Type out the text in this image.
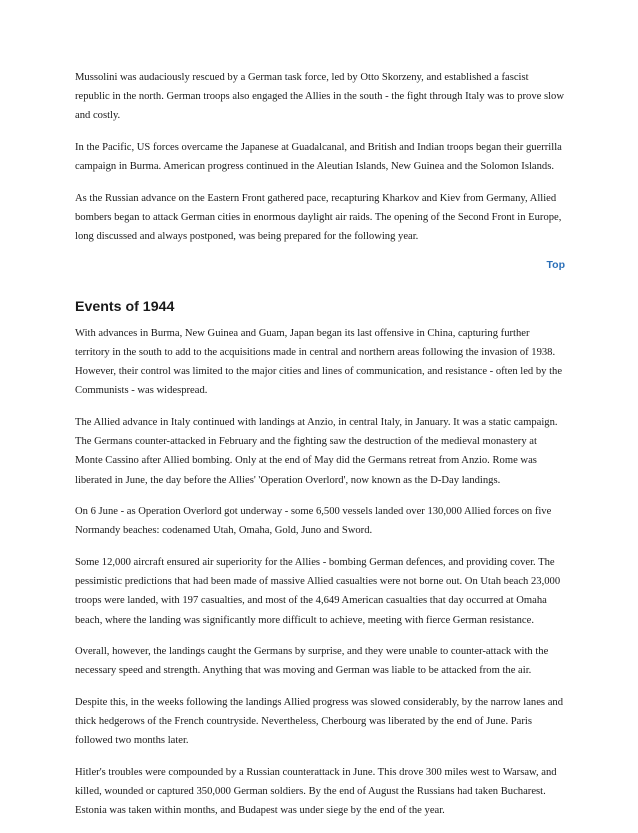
Mussolini was audaciously rescued by a German task force, led by Otto Skorzeny, and established a fascist republic in the north. German troops also engaged the Allies in the south - the fight through Italy was to prove slow and costly.

In the Pacific, US forces overcame the Japanese at Guadalcanal, and British and Indian troops began their guerrilla campaign in Burma. American progress continued in the Aleutian Islands, New Guinea and the Solomon Islands.

As the Russian advance on the Eastern Front gathered pace, recapturing Kharkov and Kiev from Germany, Allied bombers began to attack German cities in enormous daylight air raids. The opening of the Second Front in Europe, long discussed and always postponed, was being prepared for the following year.

Top
Events of 1944

With advances in Burma, New Guinea and Guam, Japan began its last offensive in China, capturing further territory in the south to add to the acquisitions made in central and northern areas following the invasion of 1938. However, their control was limited to the major cities and lines of communication, and resistance - often led by the Communists - was widespread.

The Allied advance in Italy continued with landings at Anzio, in central Italy, in January. It was a static campaign. The Germans counter-attacked in February and the fighting saw the destruction of the medieval monastery at Monte Cassino after Allied bombing. Only at the end of May did the Germans retreat from Anzio. Rome was liberated in June, the day before the Allies' 'Operation Overlord', now known as the D-Day landings.

On 6 June - as Operation Overlord got underway - some 6,500 vessels landed over 130,000 Allied forces on five Normandy beaches: codenamed Utah, Omaha, Gold, Juno and Sword.

Some 12,000 aircraft ensured air superiority for the Allies - bombing German defences, and providing cover. The pessimistic predictions that had been made of massive Allied casualties were not borne out. On Utah beach 23,000 troops were landed, with 197 casualties, and most of the 4,649 American casualties that day occurred at Omaha beach, where the landing was significantly more difficult to achieve, meeting with fierce German resistance.

Overall, however, the landings caught the Germans by surprise, and they were unable to counter-attack with the necessary speed and strength. Anything that was moving and German was liable to be attacked from the air.

Despite this, in the weeks following the landings Allied progress was slowed considerably, by the narrow lanes and thick hedgerows of the French countryside. Nevertheless, Cherbourg was liberated by the end of June. Paris followed two months later.

Hitler's troubles were compounded by a Russian counterattack in June. This drove 300 miles west to Warsaw, and killed, wounded or captured 350,000 German soldiers. By the end of August the Russians had taken Bucharest. Estonia was taken within months, and Budapest was under siege by the end of the year.
